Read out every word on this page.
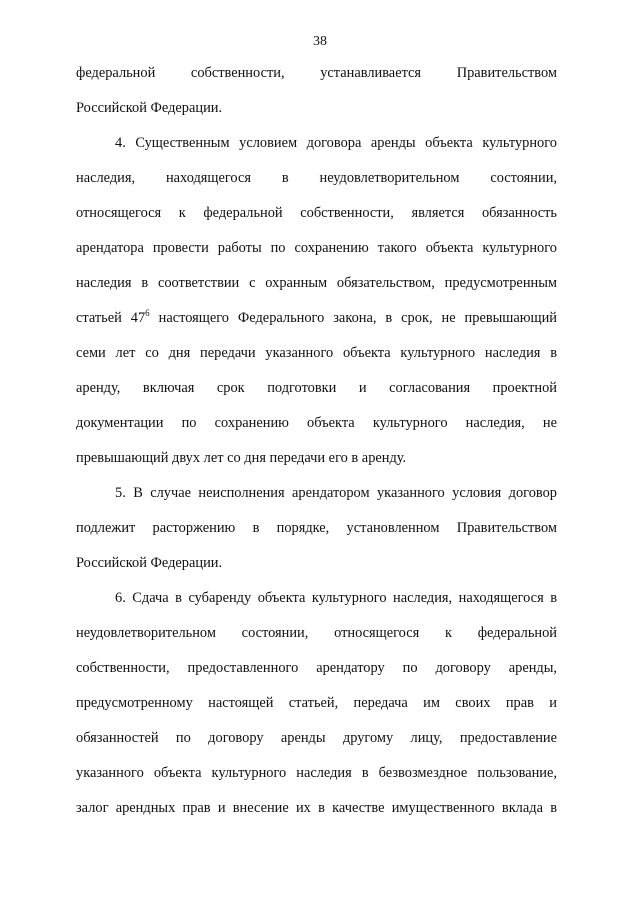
38
федеральной собственности, устанавливается Правительством
Российской Федерации.
4. Существенным условием договора аренды объекта культурного
наследия, находящегося в неудовлетворительном состоянии,
относящегося к федеральной собственности, является обязанность
арендатора провести работы по сохранению такого объекта культурного
наследия в соответствии с охранным обязательством, предусмотренным
статьей $47^6$ настоящего Федерального закона, в срок, не превышающий
семи лет со дня передачи указанного объекта культурного наследия в
аренду, включая срок подготовки и согласования проектной
документации по сохранению объекта культурного наследия, не
превышающий двух лет со дня передачи его в аренду.
5. В случае неисполнения арендатором указанного условия договор
подлежит расторжению в порядке, установленном Правительством
Российской Федерации.
6. Сдача в субаренду объекта культурного наследия, находящегося в
неудовлетворительном состоянии, относящегося к федеральной
собственности, предоставленного арендатору по договору аренды,
предусмотренному настоящей статьей, передача им своих прав и
обязанностей по договору аренды другому лицу, предоставление
указанного объекта культурного наследия в безвозмездное пользование,
залог арендных прав и внесение их в качестве имущественного вклада в
